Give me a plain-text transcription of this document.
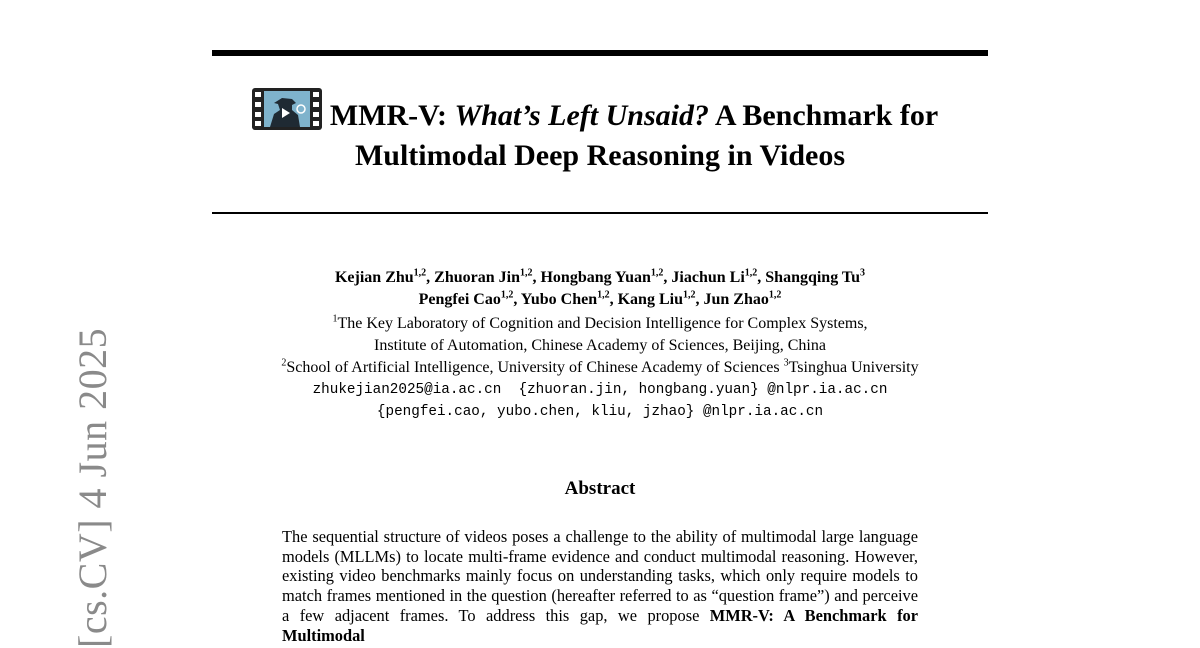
[cs.CV] 4 Jun 2025
MMR-V: What’s Left Unsaid? A Benchmark for
Multimodal Deep Reasoning in Videos
Kejian Zhu$^{1,2}$, Zhuoran Jin$^{1,2}$, Hongbang Yuan$^{1,2}$, Jiachun Li$^{1,2}$, Shangqing Tu$^3$
Pengfei Cao$^{1,2}$, Yubo Chen$^{1,2}$, Kang Liu$^{1,2}$, Jun Zhao$^{1,2}$
$^1$The Key Laboratory of Cognition and Decision Intelligence for Complex Systems,
Institute of Automation, Chinese Academy of Sciences, Beijing, China
$^2$School of Artificial Intelligence, University of Chinese Academy of Sciences $^3$Tsinghua University
zhukejian2025@ia.ac.cn  {zhuoran.jin, hongbang.yuan} @nlpr.ia.ac.cn
{pengfei.cao, yubo.chen, kliu, jzhao} @nlpr.ia.ac.cn
Abstract
The sequential structure of videos poses a challenge to the ability of multimodal large language models (MLLMs) to locate multi-frame evidence and conduct multimodal reasoning. However, existing video benchmarks mainly focus on understanding tasks, which only require models to match frames mentioned in the question (hereafter referred to as “question frame”) and perceive a few adjacent frames. To address this gap, we propose MMR-V: A Benchmark for Multimodal
